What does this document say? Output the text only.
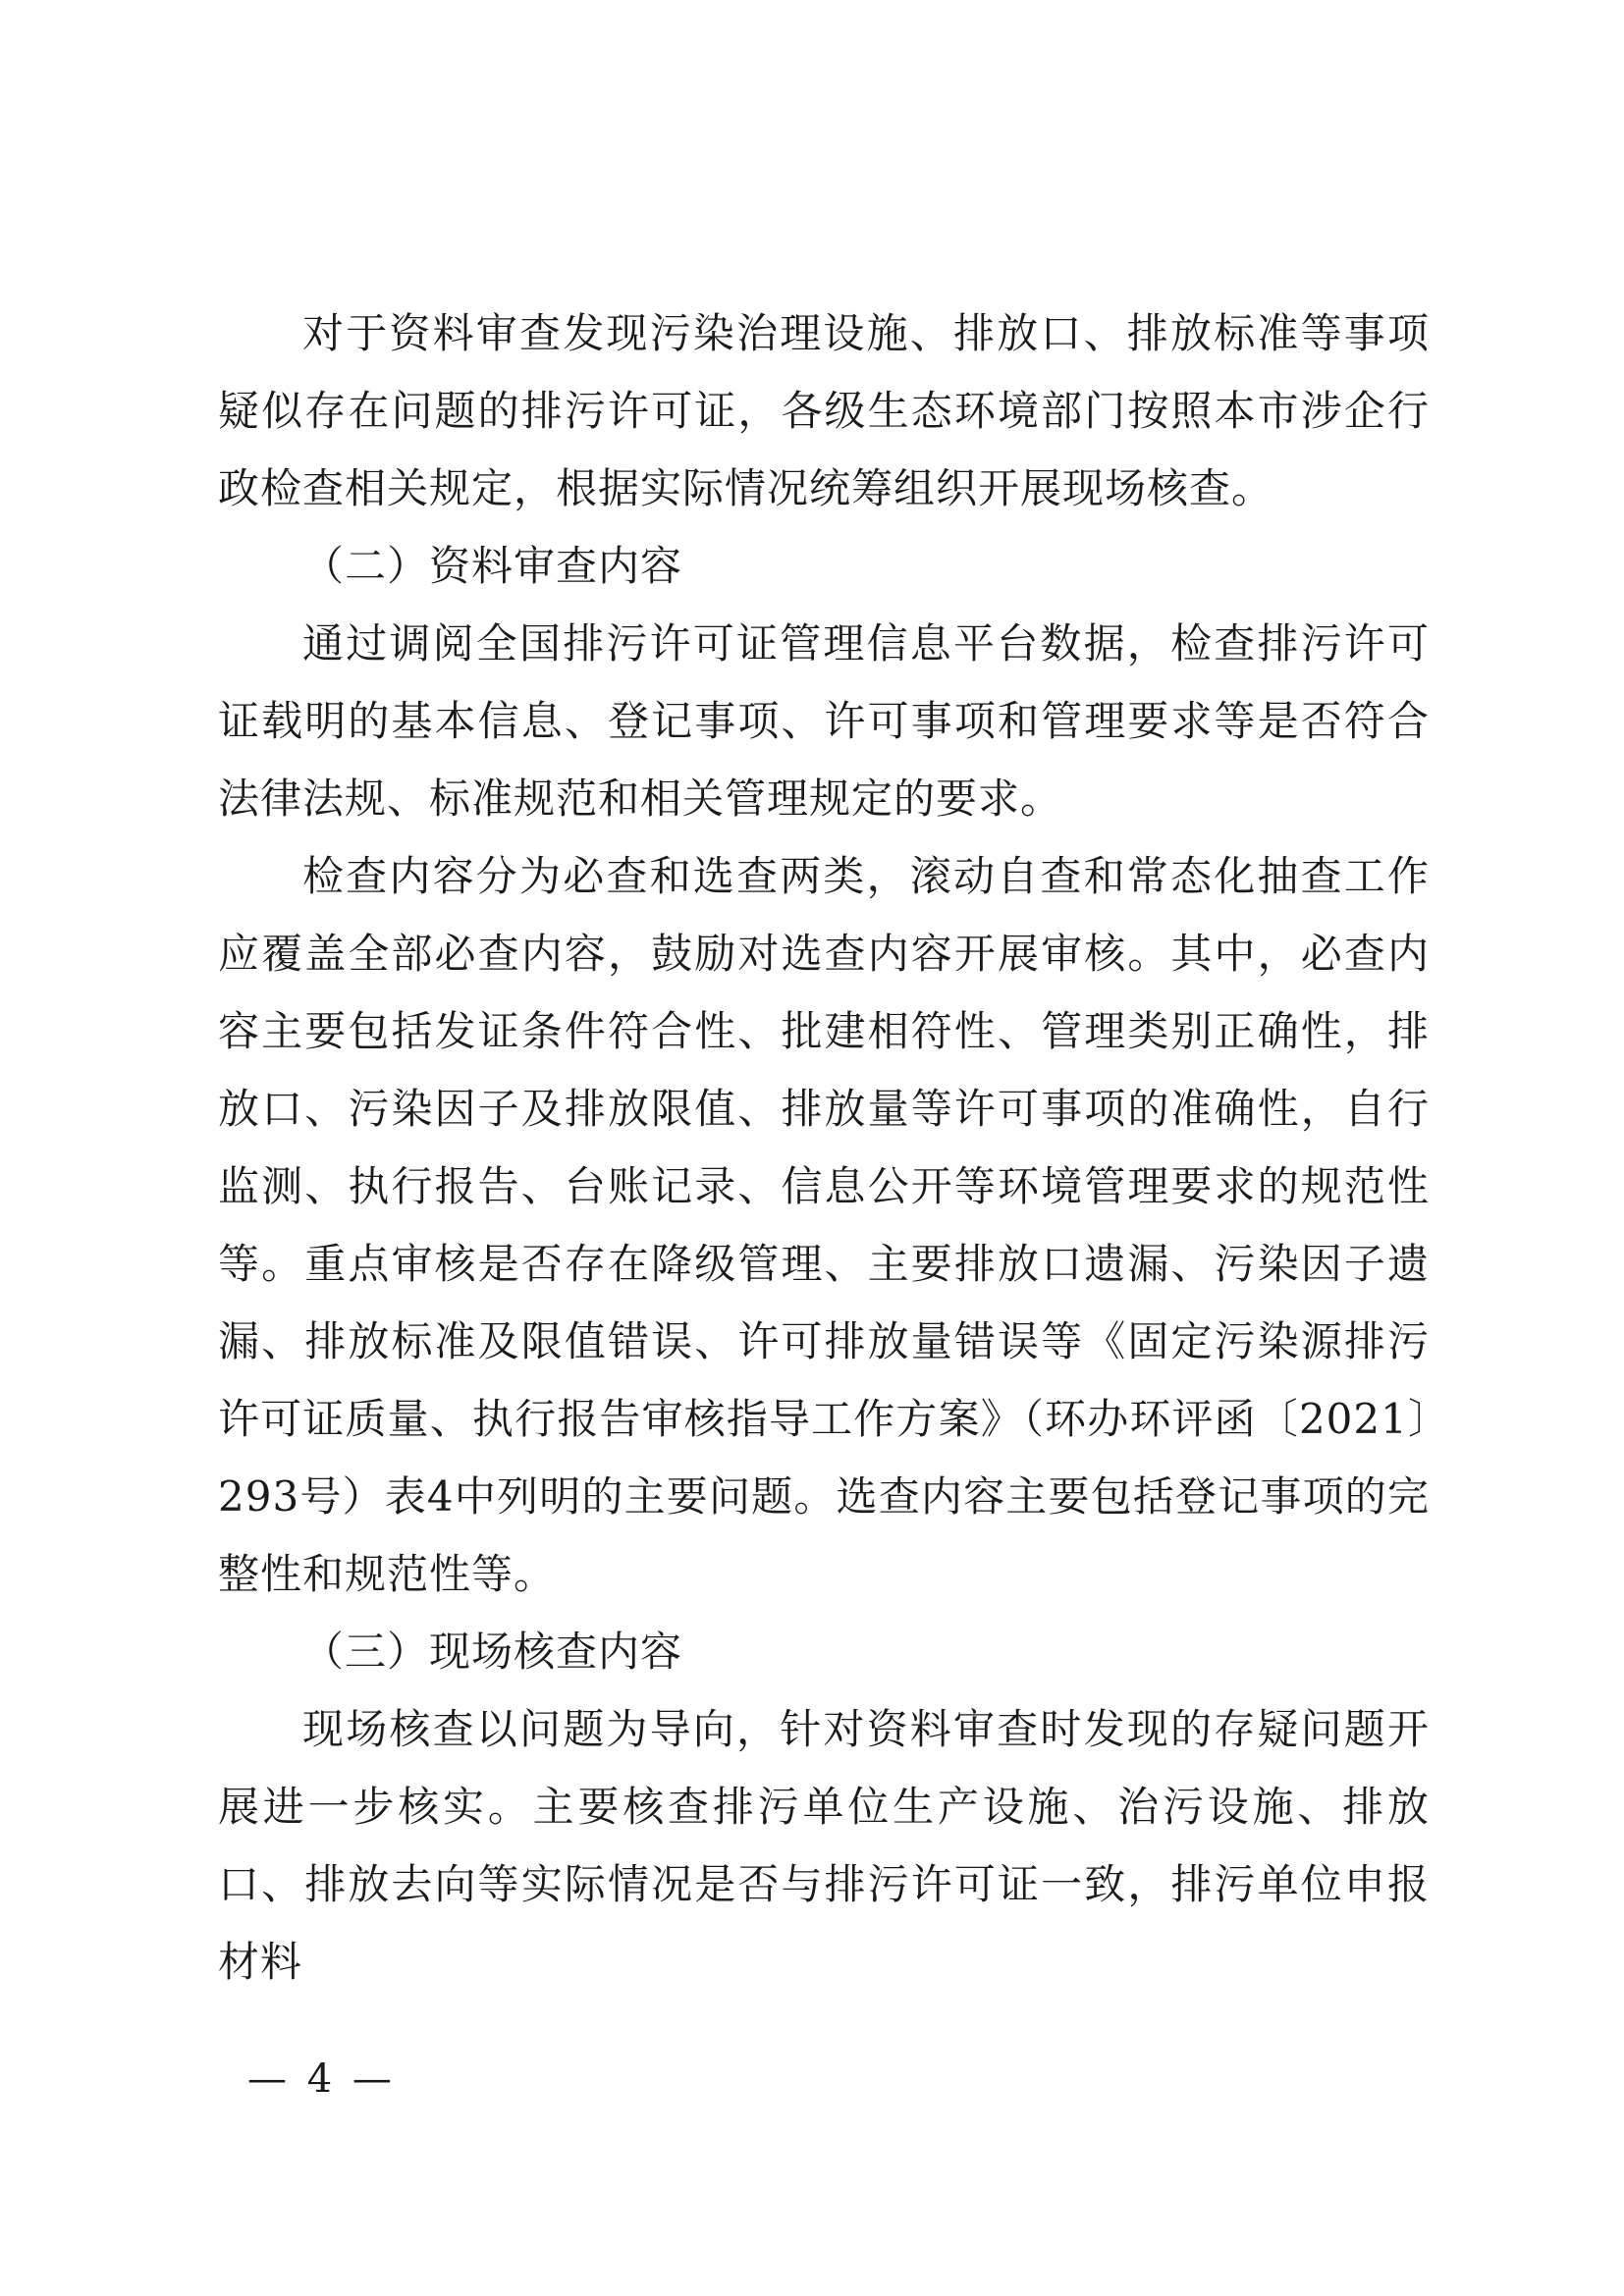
对于资料审查发现污染治理设施、排放口、排放标准等事项疑似存在问题的排污许可证，各级生态环境部门按照本市涉企行政检查相关规定，根据实际情况统筹组织开展现场核查。

（二）资料审查内容

通过调阅全国排污许可证管理信息平台数据，检查排污许可证载明的基本信息、登记事项、许可事项和管理要求等是否符合法律法规、标准规范和相关管理规定的要求。

检查内容分为必查和选查两类，滚动自查和常态化抽查工作应覆盖全部必查内容，鼓励对选查内容开展审核。其中，必查内容主要包括发证条件符合性、批建相符性、管理类别正确性，排放口、污染因子及排放限值、排放量等许可事项的准确性，自行监测、执行报告、台账记录、信息公开等环境管理要求的规范性等。重点审核是否存在降级管理、主要排放口遗漏、污染因子遗漏、排放标准及限值错误、许可排放量错误等《固定污染源排污许可证质量、执行报告审核指导工作方案》（环办环评函〔2021〕293号）表4中列明的主要问题。选查内容主要包括登记事项的完整性和规范性等。

（三）现场核查内容

现场核查以问题为导向，针对资料审查时发现的存疑问题开展进一步核实。主要核查排污单位生产设施、治污设施、排放口、排放去向等实际情况是否与排污许可证一致，排污单位申报材料

— 4 —
